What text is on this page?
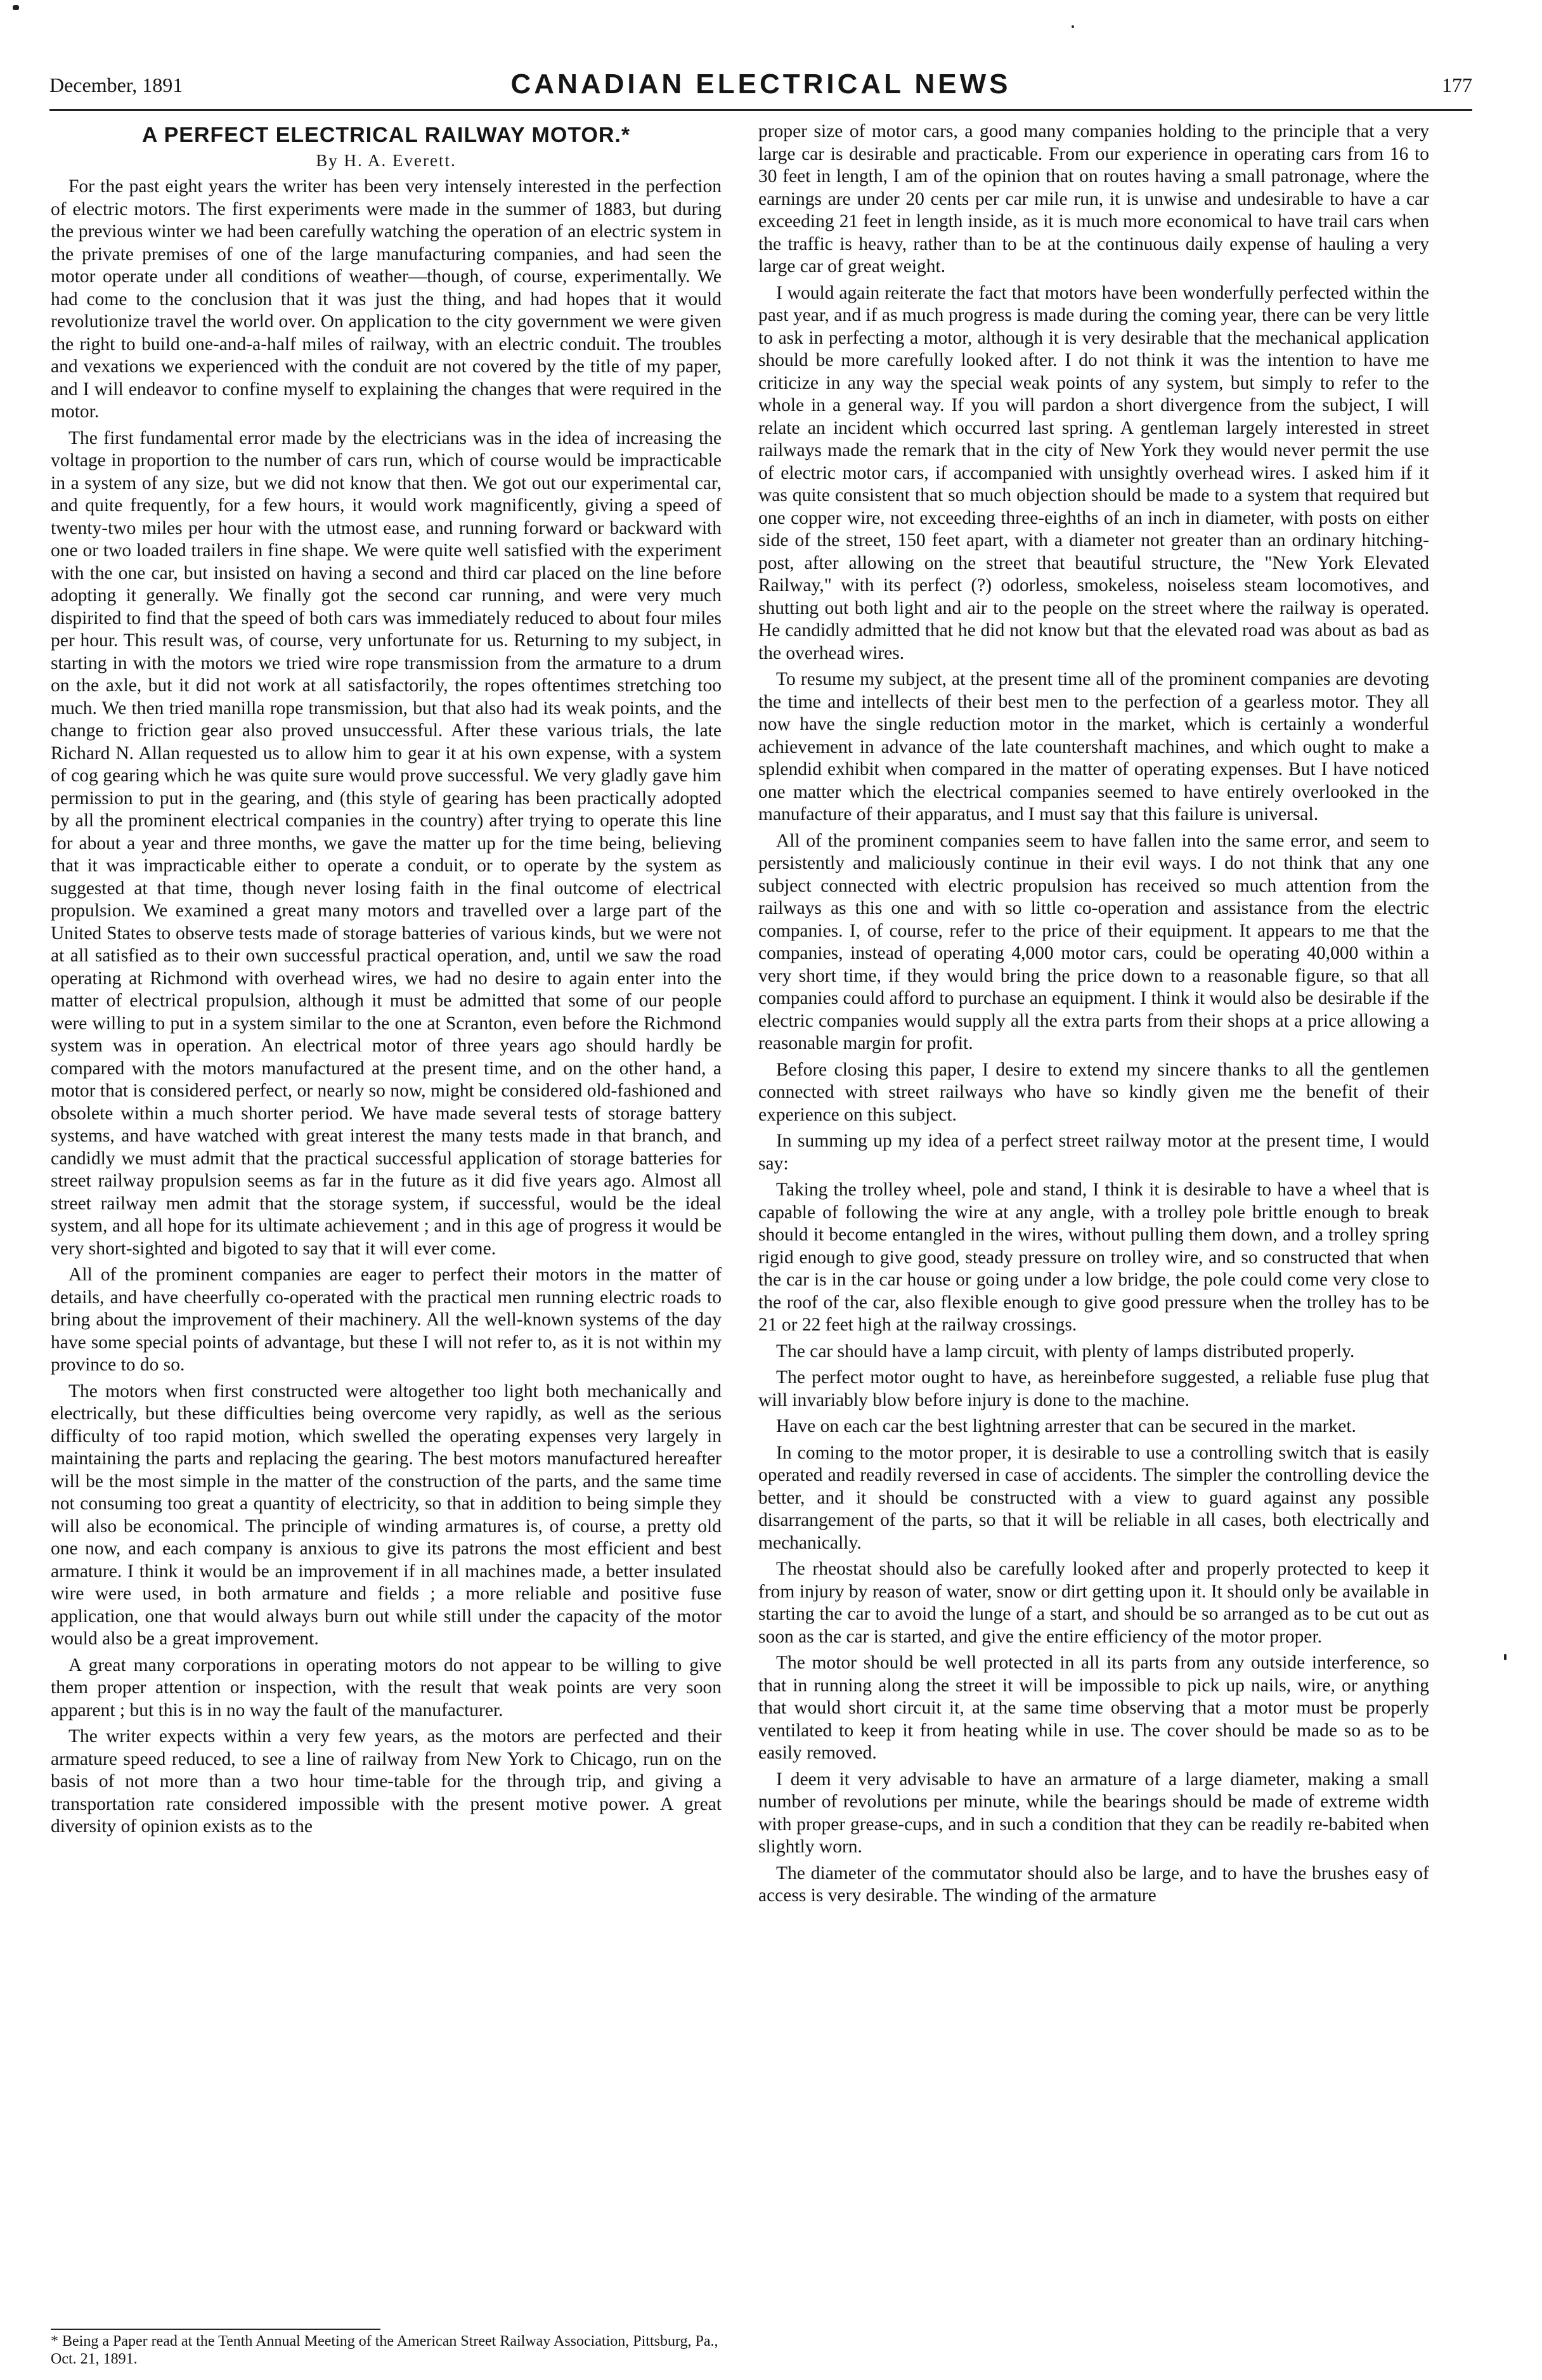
December, 1891	CANADIAN ELECTRICAL NEWS	177
A PERFECT ELECTRICAL RAILWAY MOTOR.*
By H. A. Everett.

For the past eight years the writer has been very intensely interested in the perfection of electric motors. The first experiments were made in the summer of 1883, but during the previous winter we had been carefully watching the operation of an electric system in the private premises of one of the large manufacturing companies, and had seen the motor operate under all conditions of weather—though, of course, experimentally. We had come to the conclusion that it was just the thing, and had hopes that it would revolutionize travel the world over. On application to the city government we were given the right to build one-and-a-half miles of railway, with an electric conduit. The troubles and vexations we experienced with the conduit are not covered by the title of my paper, and I will endeavor to confine myself to explaining the changes that were required in the motor.

The first fundamental error made by the electricians was in the idea of increasing the voltage in proportion to the number of cars run, which of course would be impracticable in a system of any size, but we did not know that then. We got out our experimental car, and quite frequently, for a few hours, it would work magnificently, giving a speed of twenty-two miles per hour with the utmost ease, and running forward or backward with one or two loaded trailers in fine shape. We were quite well satisfied with the experiment with the one car, but insisted on having a second and third car placed on the line before adopting it generally. We finally got the second car running, and were very much dispirited to find that the speed of both cars was immediately reduced to about four miles per hour. This result was, of course, very unfortunate for us. Returning to my subject, in starting in with the motors we tried wire rope transmission from the armature to a drum on the axle, but it did not work at all satisfactorily, the ropes oftentimes stretching too much. We then tried manilla rope transmission, but that also had its weak points, and the change to friction gear also proved unsuccessful. After these various trials, the late Richard N. Allan requested us to allow him to gear it at his own expense, with a system of cog gearing which he was quite sure would prove successful. We very gladly gave him permission to put in the gearing, and (this style of gearing has been practically adopted by all the prominent electrical companies in the country) after trying to operate this line for about a year and three months, we gave the matter up for the time being, believing that it was impracticable either to operate a conduit, or to operate by the system as suggested at that time, though never losing faith in the final outcome of electrical propulsion. We examined a great many motors and travelled over a large part of the United States to observe tests made of storage batteries of various kinds, but we were not at all satisfied as to their own successful practical operation, and, until we saw the road operating at Richmond with overhead wires, we had no desire to again enter into the matter of electrical propulsion, although it must be admitted that some of our people were willing to put in a system similar to the one at Scranton, even before the Richmond system was in operation. An electrical motor of three years ago should hardly be compared with the motors manufactured at the present time, and on the other hand, a motor that is considered perfect, or nearly so now, might be considered old-fashioned and obsolete within a much shorter period. We have made several tests of storage battery systems, and have watched with great interest the many tests made in that branch, and candidly we must admit that the practical successful application of storage batteries for street railway propulsion seems as far in the future as it did five years ago. Almost all street railway men admit that the storage system, if successful, would be the ideal system, and all hope for its ultimate achievement ; and in this age of progress it would be very short-sighted and bigoted to say that it will ever come.

All of the prominent companies are eager to perfect their motors in the matter of details, and have cheerfully co-operated with the practical men running electric roads to bring about the improvement of their machinery. All the well-known systems of the day have some special points of advantage, but these I will not refer to, as it is not within my province to do so.

The motors when first constructed were altogether too light both mechanically and electrically, but these difficulties being overcome very rapidly, as well as the serious difficulty of too rapid motion, which swelled the operating expenses very largely in maintaining the parts and replacing the gearing. The best motors manufactured hereafter will be the most simple in the matter of the construction of the parts, and the same time not consuming too great a quantity of electricity, so that in addition to being simple they will also be economical. The principle of winding armatures is, of course, a pretty old one now, and each company is anxious to give its patrons the most efficient and best armature. I think it would be an improvement if in all machines made, a better insulated wire were used, in both armature and fields ; a more reliable and positive fuse application, one that would always burn out while still under the capacity of the motor would also be a great improvement.

A great many corporations in operating motors do not appear to be willing to give them proper attention or inspection, with the result that weak points are very soon apparent ; but this is in no way the fault of the manufacturer.

The writer expects within a very few years, as the motors are perfected and their armature speed reduced, to see a line of railway from New York to Chicago, run on the basis of not more than a two hour time-table for the through trip, and giving a transportation rate considered impossible with the present motive power. A great diversity of opinion exists as to the

proper size of motor cars, a good many companies holding to the principle that a very large car is desirable and practicable. From our experience in operating cars from 16 to 30 feet in length, I am of the opinion that on routes having a small patronage, where the earnings are under 20 cents per car mile run, it is unwise and undesirable to have a car exceeding 21 feet in length inside, as it is much more economical to have trail cars when the traffic is heavy, rather than to be at the continuous daily expense of hauling a very large car of great weight.

I would again reiterate the fact that motors have been wonderfully perfected within the past year, and if as much progress is made during the coming year, there can be very little to ask in perfecting a motor, although it is very desirable that the mechanical application should be more carefully looked after. I do not think it was the intention to have me criticize in any way the special weak points of any system, but simply to refer to the whole in a general way. If you will pardon a short divergence from the subject, I will relate an incident which occurred last spring. A gentleman largely interested in street railways made the remark that in the city of New York they would never permit the use of electric motor cars, if accompanied with unsightly overhead wires. I asked him if it was quite consistent that so much objection should be made to a system that required but one copper wire, not exceeding three-eighths of an inch in diameter, with posts on either side of the street, 150 feet apart, with a diameter not greater than an ordinary hitching-post, after allowing on the street that beautiful structure, the "New York Elevated Railway," with its perfect (?) odorless, smokeless, noiseless steam locomotives, and shutting out both light and air to the people on the street where the railway is operated. He candidly admitted that he did not know but that the elevated road was about as bad as the overhead wires.

To resume my subject, at the present time all of the prominent companies are devoting the time and intellects of their best men to the perfection of a gearless motor. They all now have the single reduction motor in the market, which is certainly a wonderful achievement in advance of the late countershaft machines, and which ought to make a splendid exhibit when compared in the matter of operating expenses. But I have noticed one matter which the electrical companies seemed to have entirely overlooked in the manufacture of their apparatus, and I must say that this failure is universal.

All of the prominent companies seem to have fallen into the same error, and seem to persistently and maliciously continue in their evil ways. I do not think that any one subject connected with electric propulsion has received so much attention from the railways as this one and with so little co-operation and assistance from the electric companies. I, of course, refer to the price of their equipment. It appears to me that the companies, instead of operating 4,000 motor cars, could be operating 40,000 within a very short time, if they would bring the price down to a reasonable figure, so that all companies could afford to purchase an equipment. I think it would also be desirable if the electric companies would supply all the extra parts from their shops at a price allowing a reasonable margin for profit.

Before closing this paper, I desire to extend my sincere thanks to all the gentlemen connected with street railways who have so kindly given me the benefit of their experience on this subject.

In summing up my idea of a perfect street railway motor at the present time, I would say:

Taking the trolley wheel, pole and stand, I think it is desirable to have a wheel that is capable of following the wire at any angle, with a trolley pole brittle enough to break should it become entangled in the wires, without pulling them down, and a trolley spring rigid enough to give good, steady pressure on trolley wire, and so constructed that when the car is in the car house or going under a low bridge, the pole could come very close to the roof of the car, also flexible enough to give good pressure when the trolley has to be 21 or 22 feet high at the railway crossings.

The car should have a lamp circuit, with plenty of lamps distributed properly.

The perfect motor ought to have, as hereinbefore suggested, a reliable fuse plug that will invariably blow before injury is done to the machine.

Have on each car the best lightning arrester that can be secured in the market.

In coming to the motor proper, it is desirable to use a controlling switch that is easily operated and readily reversed in case of accidents. The simpler the controlling device the better, and it should be constructed with a view to guard against any possible disarrangement of the parts, so that it will be reliable in all cases, both electrically and mechanically.

The rheostat should also be carefully looked after and properly protected to keep it from injury by reason of water, snow or dirt getting upon it. It should only be available in starting the car to avoid the lunge of a start, and should be so arranged as to be cut out as soon as the car is started, and give the entire efficiency of the motor proper.

The motor should be well protected in all its parts from any outside interference, so that in running along the street it will be impossible to pick up nails, wire, or anything that would short circuit it, at the same time observing that a motor must be properly ventilated to keep it from heating while in use. The cover should be made so as to be easily removed.

I deem it very advisable to have an armature of a large diameter, making a small number of revolutions per minute, while the bearings should be made of extreme width with proper grease-cups, and in such a condition that they can be readily re-babited when slightly worn.

The diameter of the commutator should also be large, and to have the brushes easy of access is very desirable. The winding of the armature

* Being a Paper read at the Tenth Annual Meeting of the American Street Railway Association, Pittsburg, Pa., Oct. 21, 1891.
